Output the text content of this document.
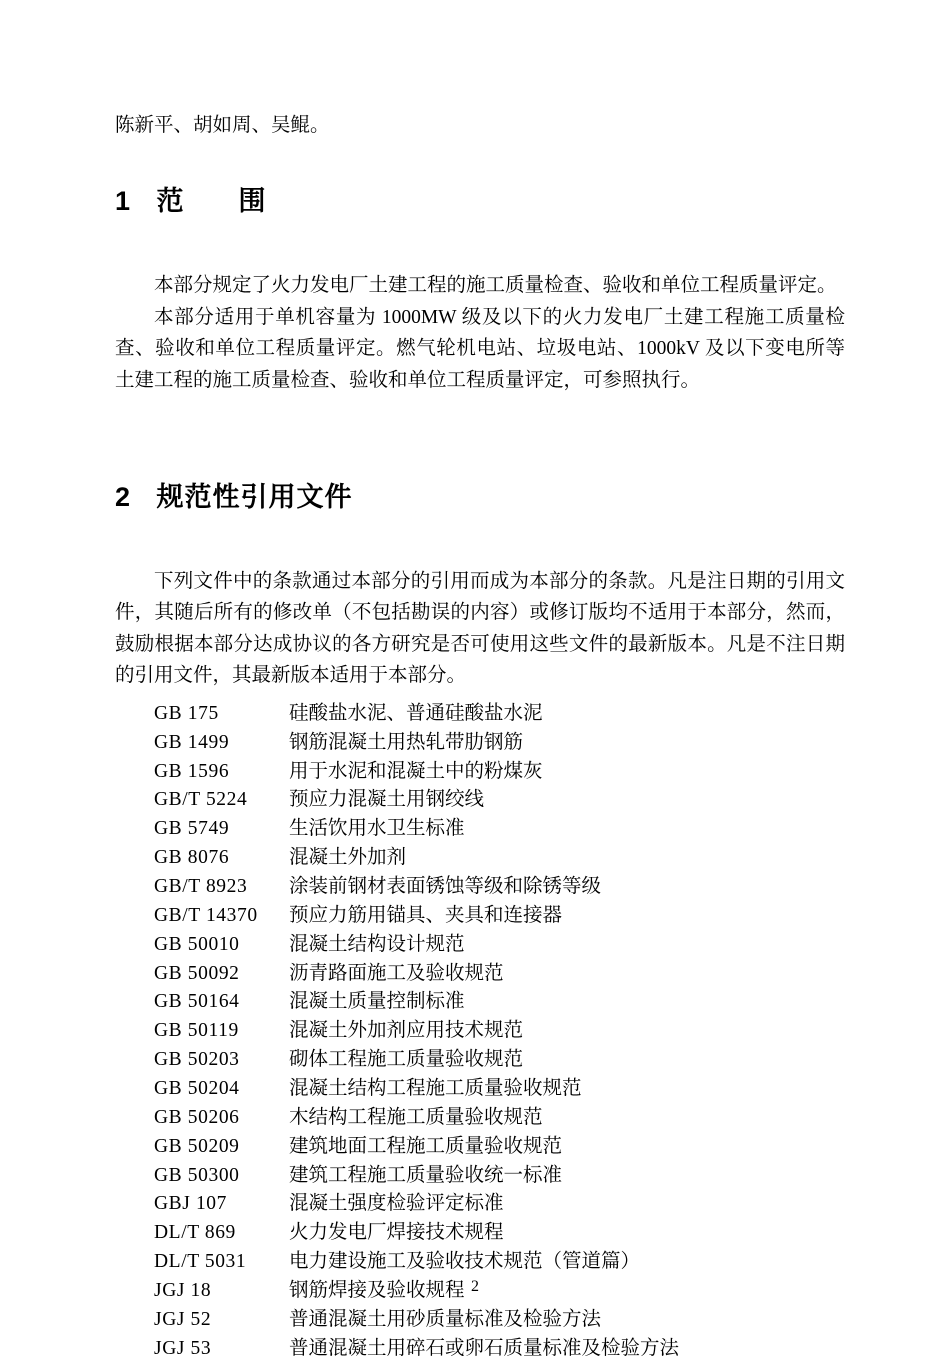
陈新平、胡如周、吴鲲。

1 范　围

本部分规定了火力发电厂土建工程的施工质量检查、验收和单位工程质量评定。

本部分适用于单机容量为 1000MW 级及以下的火力发电厂土建工程施工质量检查、验收和单位工程质量评定。燃气轮机电站、垃圾电站、1000kV 及以下变电所等土建工程的施工质量检查、验收和单位工程质量评定，可参照执行。

2 规范性引用文件

下列文件中的条款通过本部分的引用而成为本部分的条款。凡是注日期的引用文件，其随后所有的修改单（不包括勘误的内容）或修订版均不适用于本部分，然而，鼓励根据本部分达成协议的各方研究是否可使用这些文件的最新版本。凡是不注日期的引用文件，其最新版本适用于本部分。

GB 175	硅酸盐水泥、普通硅酸盐水泥
GB 1499	钢筋混凝土用热轧带肋钢筋
GB 1596	用于水泥和混凝土中的粉煤灰
GB/T 5224	预应力混凝土用钢绞线
GB 5749	生活饮用水卫生标准
GB 8076	混凝土外加剂
GB/T 8923	涂装前钢材表面锈蚀等级和除锈等级
GB/T 14370	预应力筋用锚具、夹具和连接器
GB 50010	混凝土结构设计规范
GB 50092	沥青路面施工及验收规范
GB 50164	混凝土质量控制标准
GB 50119	混凝土外加剂应用技术规范
GB 50203	砌体工程施工质量验收规范
GB 50204	混凝土结构工程施工质量验收规范
GB 50206	木结构工程施工质量验收规范
GB 50209	建筑地面工程施工质量验收规范
GB 50300	建筑工程施工质量验收统一标准
GBJ 107	混凝土强度检验评定标准
DL/T 869	火力发电厂焊接技术规程
DL/T 5031	电力建设施工及验收技术规范（管道篇）
JGJ 18	钢筋焊接及验收规程
JGJ 52	普通混凝土用砂质量标准及检验方法
JGJ 53	普通混凝土用碎石或卵石质量标准及检验方法
2
